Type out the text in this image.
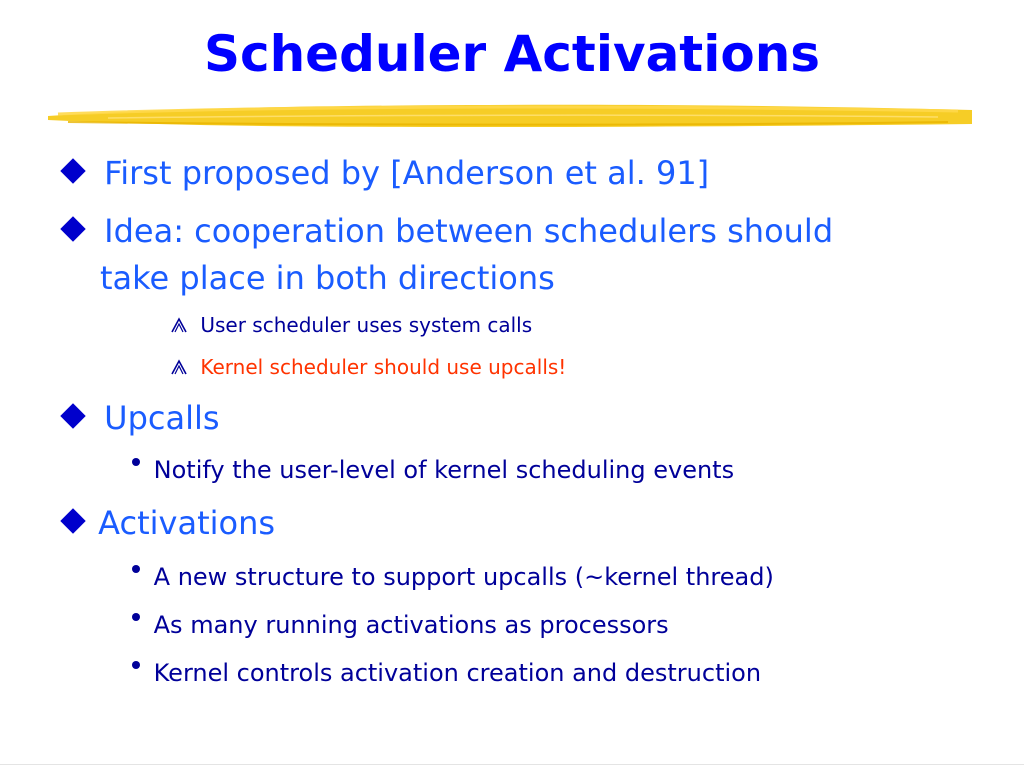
Scheduler Activations
First proposed by [Anderson et al. 91]
Idea: cooperation between schedulers should
take place in both directions
User scheduler uses system calls
Kernel scheduler should use upcalls!
Upcalls
Notify the user-level of kernel scheduling events
Activations
A new structure to support upcalls (~kernel thread)
As many running activations as processors
Kernel controls activation creation and destruction
